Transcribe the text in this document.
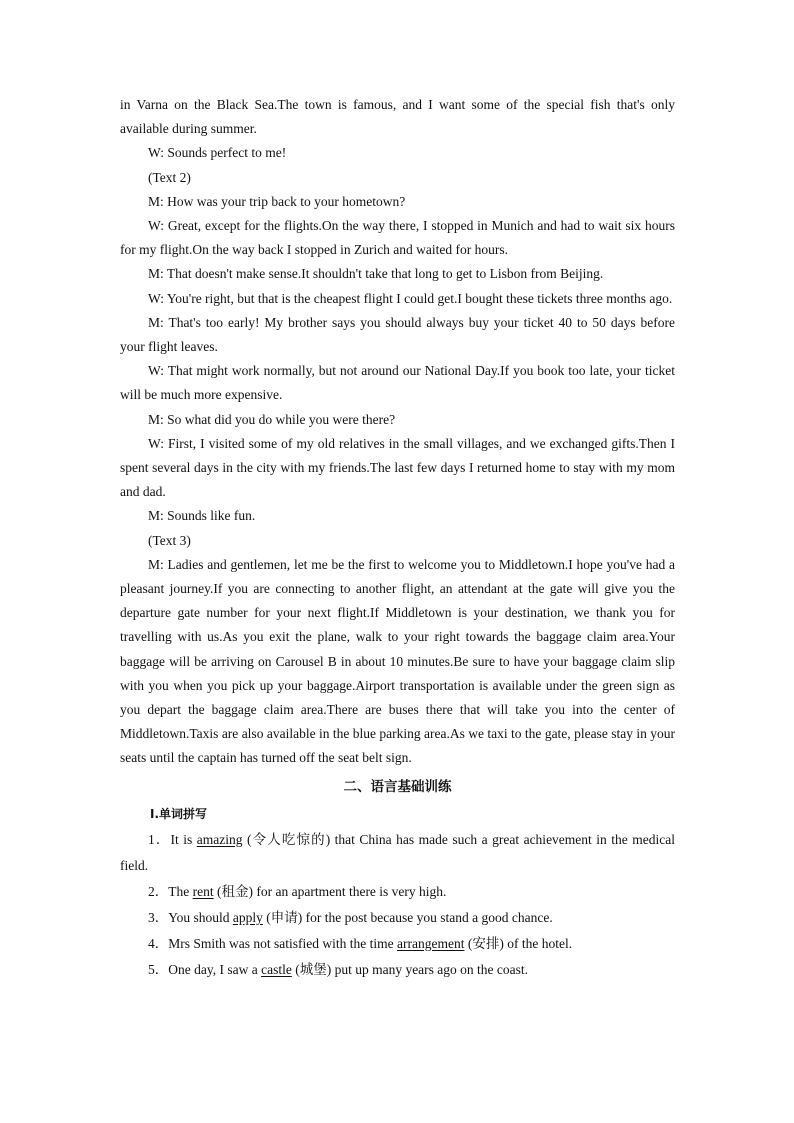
in Varna on the Black Sea.The town is famous, and I want some of the special fish that's only available during summer.

W: Sounds perfect to me!

(Text 2)

M: How was your trip back to your hometown?

W: Great, except for the flights.On the way there, I stopped in Munich and had to wait six hours for my flight.On the way back I stopped in Zurich and waited for hours.

M: That doesn't make sense.It shouldn't take that long to get to Lisbon from Beijing.

W: You're right, but that is the cheapest flight I could get.I bought these tickets three months ago.

M: That's too early! My brother says you should always buy your ticket 40 to 50 days before your flight leaves.

W: That might work normally, but not around our National Day.If you book too late, your ticket will be much more expensive.

M: So what did you do while you were there?

W: First, I visited some of my old relatives in the small villages, and we exchanged gifts.Then I spent several days in the city with my friends.The last few days I returned home to stay with my mom and dad.

M: Sounds like fun.

(Text 3)

M: Ladies and gentlemen, let me be the first to welcome you to Middletown.I hope you've had a pleasant journey.If you are connecting to another flight, an attendant at the gate will give you the departure gate number for your next flight.If Middletown is your destination, we thank you for travelling with us.As you exit the plane, walk to your right towards the baggage claim area.Your baggage will be arriving on Carousel B in about 10 minutes.Be sure to have your baggage claim slip with you when you pick up your baggage.Airport transportation is available under the green sign as you depart the baggage claim area.There are buses there that will take you into the center of Middletown.Taxis are also available in the blue parking area.As we taxi to the gate, please stay in your seats until the captain has turned off the seat belt sign.

二、语言基础训练

Ⅰ.单词拼写

1．It is amazing (令人吃惊的) that China has made such a great achievement in the medical field.

2．The rent (租金) for an apartment there is very high.

3．You should apply (申请) for the post because you stand a good chance.

4．Mrs Smith was not satisfied with the time arrangement (安排) of the hotel.

5．One day, I saw a castle (城堡) put up many years ago on the coast.
